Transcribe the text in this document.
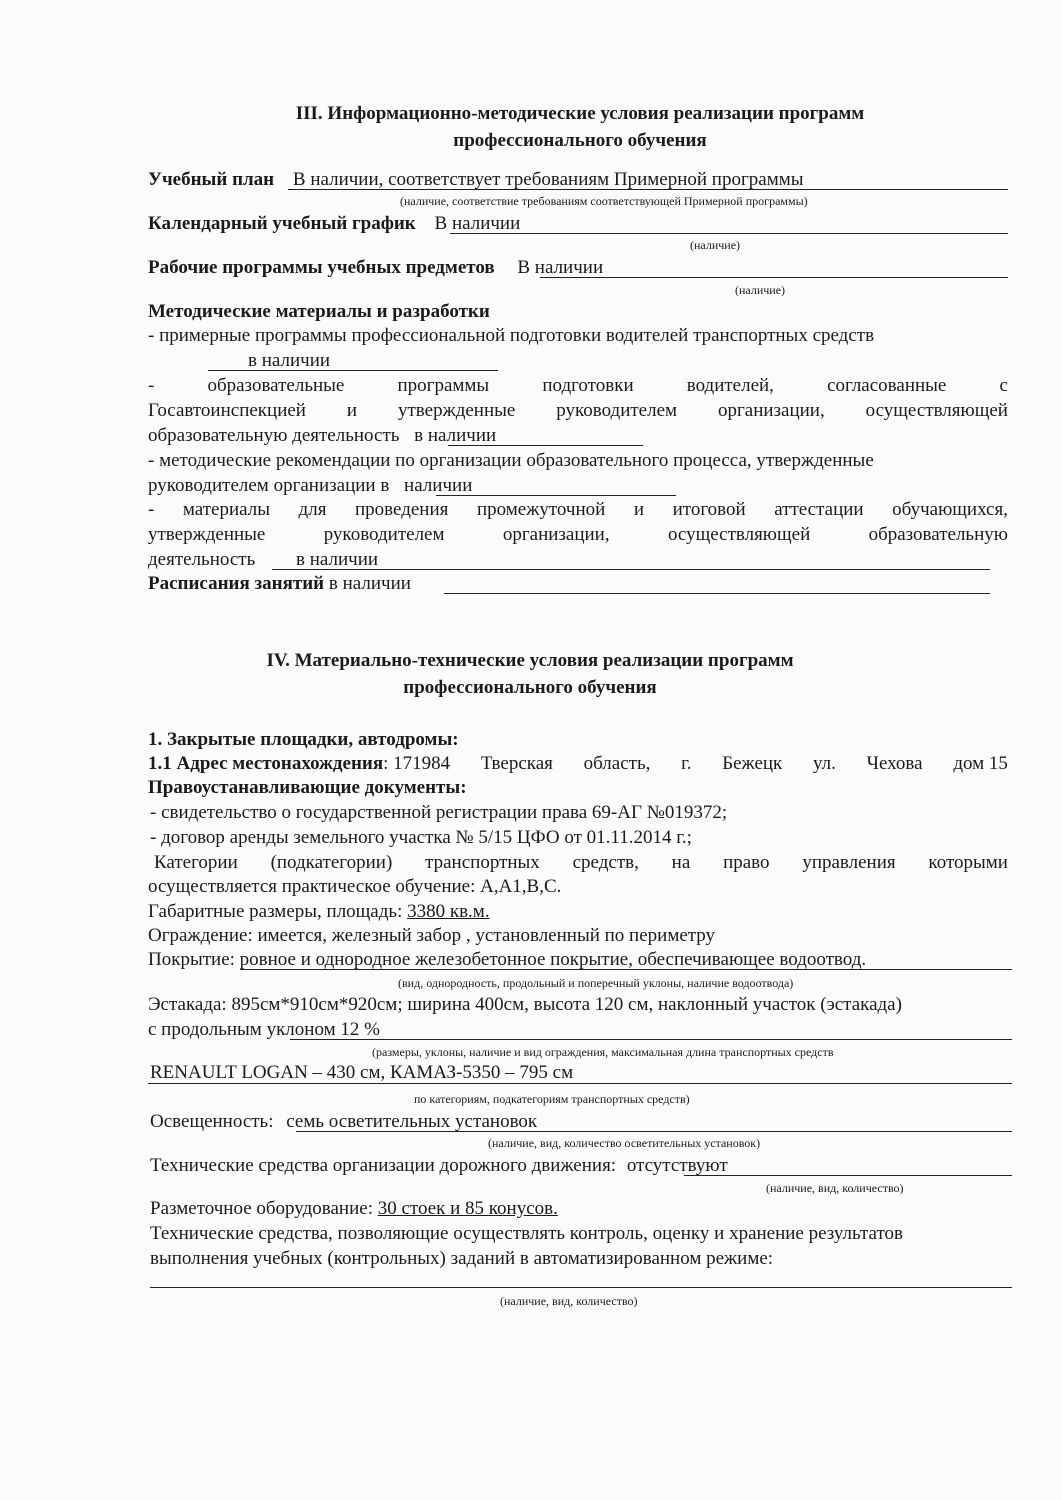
III. Информационно-методические условия реализации программ
профессионального обучения
Учебный план В наличии, соответствует требованиям Примерной программы
(наличие, соответствие требованиям соответствующей Примерной программы)
Календарный учебный график В наличии
(наличие)
Рабочие программы учебных предметов В наличии
(наличие)
Методические материалы и разработки
- примерные программы профессиональной подготовки водителей транспортных средств
в наличии
-	образовательные	программы	подготовки	водителей,	согласованные	с
Госавтоинспекцией и утвержденные руководителем организации, осуществляющей
образовательную деятельность в наличии
- методические рекомендации по организации образовательного процесса, утвержденные
руководителем организации в наличии
- материалы для проведения промежуточной и итоговой аттестации обучающихся,
утвержденные	руководителем	организации,	осуществляющей	образовательную
деятельность в наличии
Расписания занятий в наличии
IV. Материально-технические условия реализации программ
профессионального обучения
1. Закрытые площадки, автодромы:
1.1 Адрес местонахождения: 171984 Тверская область, г. Бежецк ул. Чехова дом 15
Правоустанавливающие документы:
- свидетельство о государственной регистрации права 69-АГ №019372;
- договор аренды земельного участка № 5/15 ЦФО от 01.11.2014 г.;
Категории (подкатегории) транспортных средств, на право управления которыми
осуществляется практическое обучение: A,A1,B,C.
Габаритные размеры, площадь: 3380 кв.м.
Ограждение: имеется, железный забор , установленный по периметру
Покрытие: ровное и однородное железобетонное покрытие, обеспечивающее водоотвод.
(вид, однородность, продольный и поперечный уклоны, наличие водоотвода)
Эстакада: 895см*910см*920см; ширина 400см, высота 120 см, наклонный участок (эстакада)
с продольным уклоном 12 %
(размеры, уклоны, наличие и вид ограждения, максимальная длина транспортных средств
RENAULT LOGAN – 430 см, КАМАЗ-5350 – 795 см
по категориям, подкатегориям транспортных средств)
Освещенность: семь осветительных установок
(наличие, вид, количество осветительных установок)
Технические средства организации дорожного движения: отсутствуют
(наличие, вид, количество)
Разметочное оборудование: 30 стоек и 85 конусов.
Технические средства, позволяющие осуществлять контроль, оценку и хранение результатов
выполнения учебных (контрольных) заданий в автоматизированном режиме:
(наличие, вид, количество)
